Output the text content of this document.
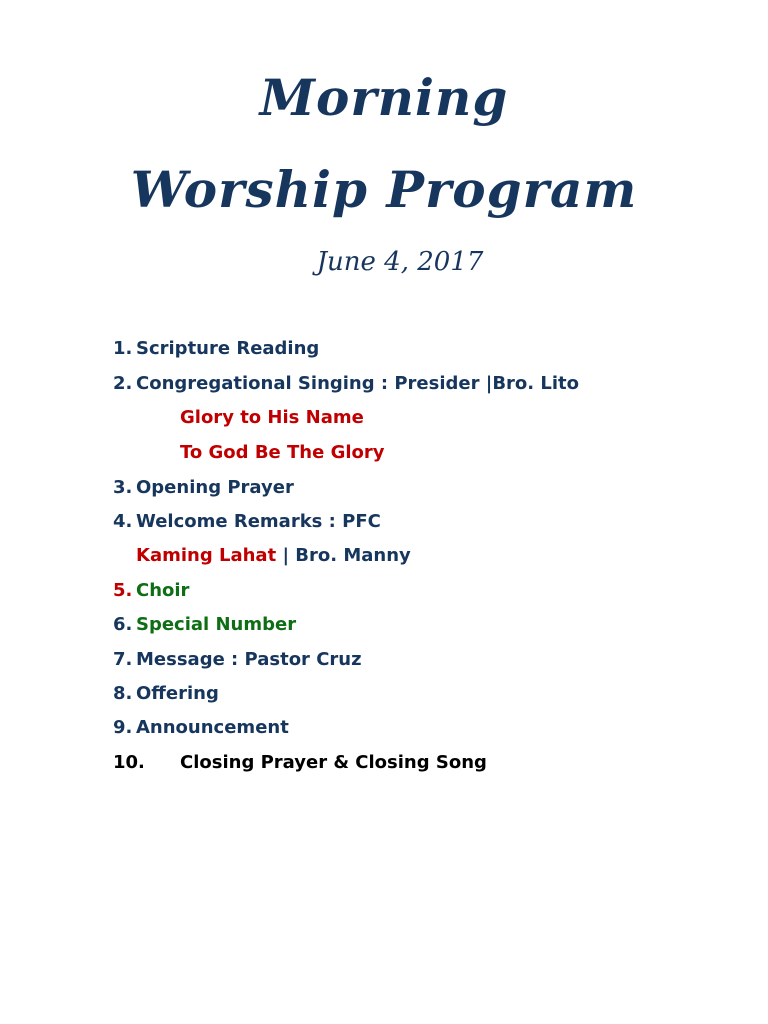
Morning
Worship Program
June 4, 2017
1. Scripture Reading
2. Congregational Singing : Presider |Bro. Lito
Glory to His Name
To God Be The Glory
3. Opening Prayer
4. Welcome Remarks : PFC
Kaming Lahat | Bro. Manny
5. Choir
6. Special Number
7. Message : Pastor Cruz
8. Offering
9. Announcement
10. Closing Prayer & Closing Song
